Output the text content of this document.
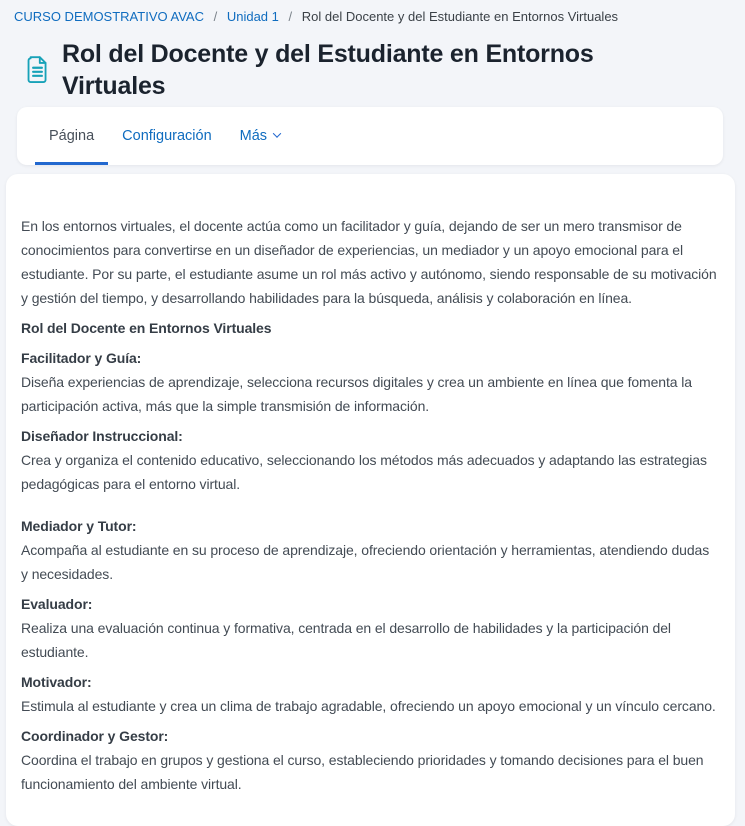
CURSO DEMOSTRATIVO AVAC / Unidad 1 / Rol del Docente y del Estudiante en Entornos Virtuales
Rol del Docente y del Estudiante en Entornos Virtuales
Página	Configuración	Más

En los entornos virtuales, el docente actúa como un facilitador y guía, dejando de ser un mero transmisor de conocimientos para convertirse en un diseñador de experiencias, un mediador y un apoyo emocional para el estudiante. Por su parte, el estudiante asume un rol más activo y autónomo, siendo responsable de su motivación y gestión del tiempo, y desarrollando habilidades para la búsqueda, análisis y colaboración en línea.

Rol del Docente en Entornos Virtuales

Facilitador y Guía:
Diseña experiencias de aprendizaje, selecciona recursos digitales y crea un ambiente en línea que fomenta la participación activa, más que la simple transmisión de información.

Diseñador Instruccional:
Crea y organiza el contenido educativo, seleccionando los métodos más adecuados y adaptando las estrategias pedagógicas para el entorno virtual.

Mediador y Tutor:
Acompaña al estudiante en su proceso de aprendizaje, ofreciendo orientación y herramientas, atendiendo dudas y necesidades.

Evaluador:
Realiza una evaluación continua y formativa, centrada en el desarrollo de habilidades y la participación del estudiante.

Motivador:
Estimula al estudiante y crea un clima de trabajo agradable, ofreciendo un apoyo emocional y un vínculo cercano.

Coordinador y Gestor:
Coordina el trabajo en grupos y gestiona el curso, estableciendo prioridades y tomando decisiones para el buen funcionamiento del ambiente virtual.
